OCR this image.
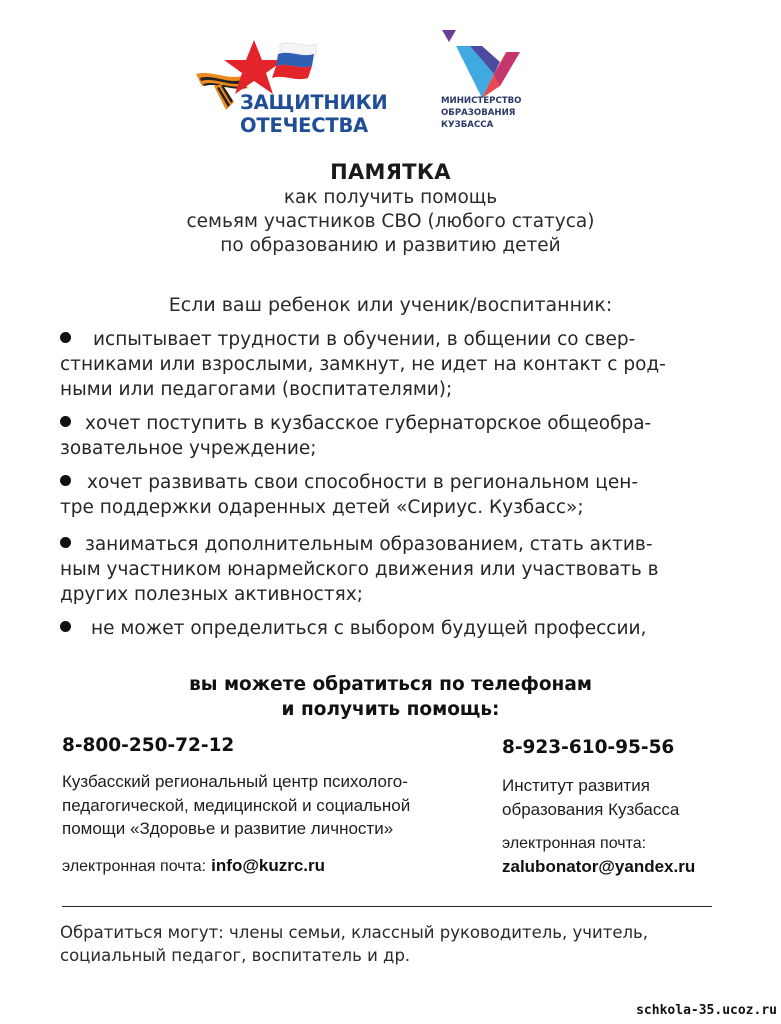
ЗАЩИТНИКИ
ОТЕЧЕСТВА
МИНИСТЕРСТВО
ОБРАЗОВАНИЯ
КУЗБАССА
ПАМЯТКА
как получить помощь
семьям участников СВО (любого статуса)
по образованию и развитию детей
Если ваш ребенок или ученик/воспитанник:
испытывает трудности в обучении, в общении со свер-
стниками или взрослыми, замкнут, не идет на контакт с род-
ными или педагогами (воспитателями);
хочет поступить в кузбасское губернаторское общеобра-
зовательное учреждение;
хочет развивать свои способности в региональном цен-
тре поддержки одаренных детей «Сириус. Кузбасс»;
заниматься дополнительным образованием, стать актив-
ным участником юнармейского движения или участвовать в
других полезных активностях;
не может определиться с выбором будущей профессии,
вы можете обратиться по телефонам
и получить помощь:
8-800-250-72-12
Кузбасский региональный центр психолого-
педагогической, медицинской и социальной
помощи «Здоровье и развитие личности»
электронная почта: info@kuzrc.ru
8-923-610-95-56
Институт развития
образования Кузбасса
электронная почта:
zalubonator@yandex.ru
Обратиться могут: члены семьи, классный руководитель, учитель,
социальный педагог, воспитатель и др.
schkola-35.ucoz.ru
